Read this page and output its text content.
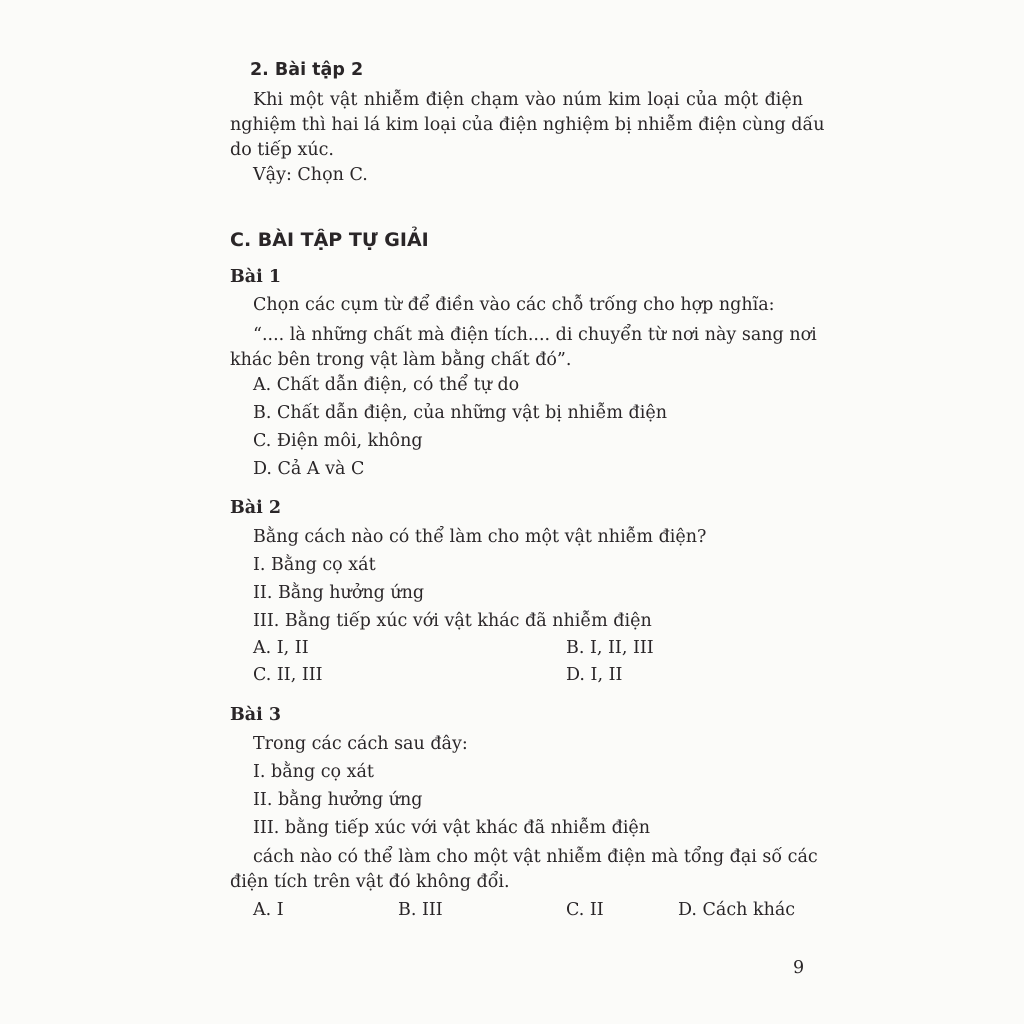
2. Bài tập 2
Khi một vật nhiễm điện chạm vào núm kim loại của một điện
nghiệm thì hai lá kim loại của điện nghiệm bị nhiễm điện cùng dấu
do tiếp xúc.
Vậy: Chọn C.
C. BÀI TẬP TỰ GIẢI
Bài 1
Chọn các cụm từ để điền vào các chỗ trống cho hợp nghĩa:
“.... là những chất mà điện tích.... di chuyển từ nơi này sang nơi
khác bên trong vật làm bằng chất đó”.
A. Chất dẫn điện, có thể tự do
B. Chất dẫn điện, của những vật bị nhiễm điện
C. Điện môi, không
D. Cả A và C
Bài 2
Bằng cách nào có thể làm cho một vật nhiễm điện?
I. Bằng cọ xát
II. Bằng hưởng ứng
III. Bằng tiếp xúc với vật khác đã nhiễm điện
A. I, II	B. I, II, III
C. II, III	D. I, II
Bài 3
Trong các cách sau đây:
I. bằng cọ xát
II. bằng hưởng ứng
III. bằng tiếp xúc với vật khác đã nhiễm điện
cách nào có thể làm cho một vật nhiễm điện mà tổng đại số các
điện tích trên vật đó không đổi.
A. I	B. III	C. II	D. Cách khác
9
